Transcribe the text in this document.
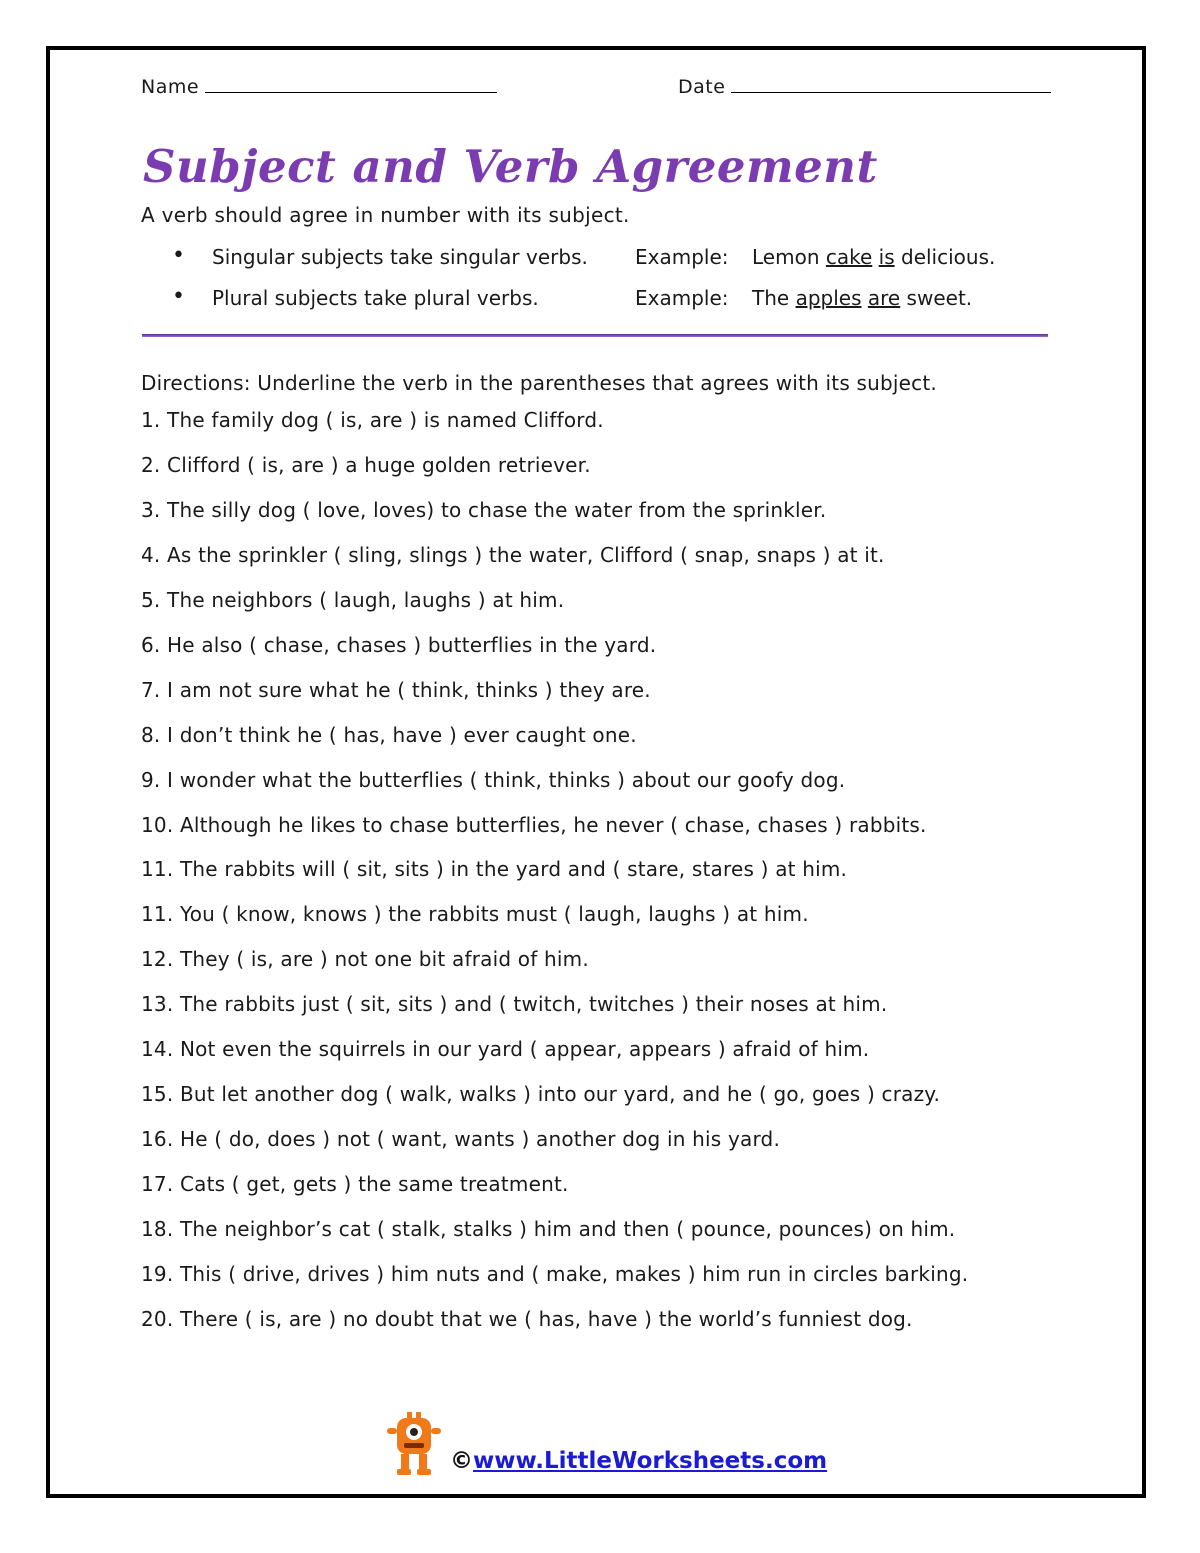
Name	Date
Subject and Verb Agreement
A verb should agree in number with its subject.
• Singular subjects take singular verbs. Example: Lemon cake is delicious.
• Plural subjects take plural verbs.	Example: The apples are sweet.
Directions: Underline the verb in the parentheses that agrees with its subject.
1. The family dog ( is, are ) is named Clifford.
2. Clifford ( is, are ) a huge golden retriever.
3. The silly dog ( love, loves) to chase the water from the sprinkler.
4. As the sprinkler ( sling, slings ) the water, Clifford ( snap, snaps ) at it.
5. The neighbors ( laugh, laughs ) at him.
6. He also ( chase, chases ) butterflies in the yard.
7. I am not sure what he ( think, thinks ) they are.
8. I don’t think he ( has, have ) ever caught one.
9. I wonder what the butterflies ( think, thinks ) about our goofy dog.
10. Although he likes to chase butterflies, he never ( chase, chases ) rabbits.
11. The rabbits will ( sit, sits ) in the yard and ( stare, stares ) at him.
11. You ( know, knows ) the rabbits must ( laugh, laughs ) at him.
12. They ( is, are ) not one bit afraid of him.
13. The rabbits just ( sit, sits ) and ( twitch, twitches ) their noses at him.
14. Not even the squirrels in our yard ( appear, appears ) afraid of him.
15. But let another dog ( walk, walks ) into our yard, and he ( go, goes ) crazy.
16. He ( do, does ) not ( want, wants ) another dog in his yard.
17. Cats ( get, gets ) the same treatment.
18. The neighbor’s cat ( stalk, stalks ) him and then ( pounce, pounces) on him.
19. This ( drive, drives ) him nuts and ( make, makes ) him run in circles barking.
20. There ( is, are ) no doubt that we ( has, have ) the world’s funniest dog.
©www.LittleWorksheets.com
